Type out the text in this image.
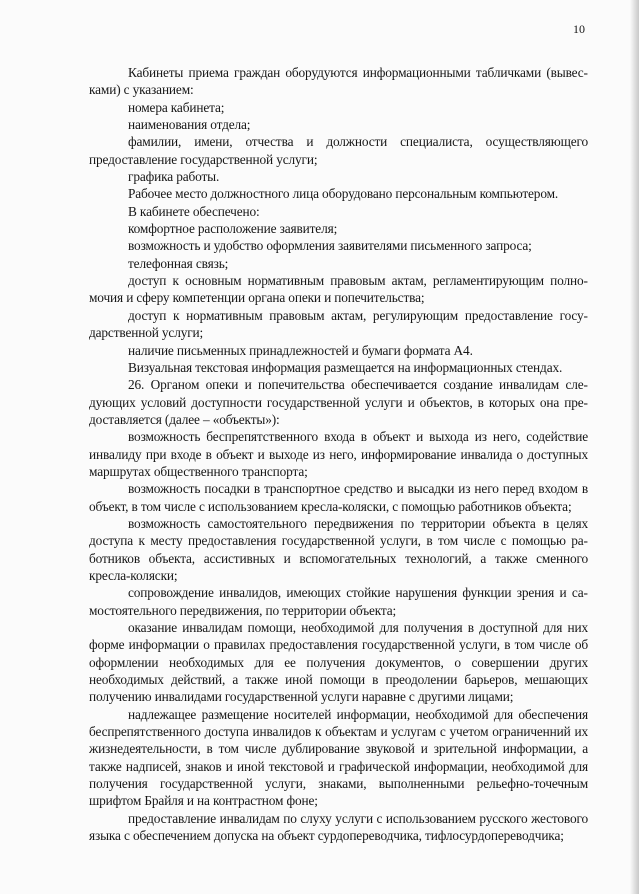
10

Кабинеты приема граждан оборудуются информационными табличками (вывесками) с указанием:

номера кабинета;

наименования отдела;

фамилии, имени, отчества и должности специалиста, осуществляющего предоставление государственной услуги;

графика работы.

Рабочее место должностного лица оборудовано персональным компьютером.

В кабинете обеспечено:

комфортное расположение заявителя;

возможность и удобство оформления заявителями письменного запроса;

телефонная связь;

доступ к основным нормативным правовым актам, регламентирующим полномочия и сферу компетенции органа опеки и попечительства;

доступ к нормативным правовым актам, регулирующим предоставление государственной услуги;

наличие письменных принадлежностей и бумаги формата А4.

Визуальная текстовая информация размещается на информационных стендах.

26. Органом опеки и попечительства обеспечивается создание инвалидам следующих условий доступности государственной услуги и объектов, в которых она предоставляется (далее – «объекты»):

возможность беспрепятственного входа в объект и выхода из него, содействие инвалиду при входе в объект и выходе из него, информирование инвалида о доступных маршрутах общественного транспорта;

возможность посадки в транспортное средство и высадки из него перед входом в объект, в том числе с использованием кресла-коляски, с помощью работников объекта;

возможность самостоятельного передвижения по территории объекта в целях доступа к месту предоставления государственной услуги, в том числе с помощью работников объекта, ассистивных и вспомогательных технологий, а также сменного кресла-коляски;

сопровождение инвалидов, имеющих стойкие нарушения функции зрения и самостоятельного передвижения, по территории объекта;

оказание инвалидам помощи, необходимой для получения в доступной для них форме информации о правилах предоставления государственной услуги, в том числе об оформлении необходимых для ее получения документов, о совершении других необходимых действий, а также иной помощи в преодолении барьеров, мешающих получению инвалидами государственной услуги наравне с другими лицами;

надлежащее размещение носителей информации, необходимой для обеспечения беспрепятственного доступа инвалидов к объектам и услугам с учетом ограниченний их жизнедеятельности, в том числе дублирование звуковой и зрительной информации, а также надписей, знаков и иной текстовой и графической информации, необходимой для получения государственной услуги, знаками, выполненными рельефно-точечным шрифтом Брайля и на контрастном фоне;

предоставление инвалидам по слуху услуги с использованием русского жестового языка с обеспечением допуска на объект сурдопереводчика, тифлосурдопереводчика;
